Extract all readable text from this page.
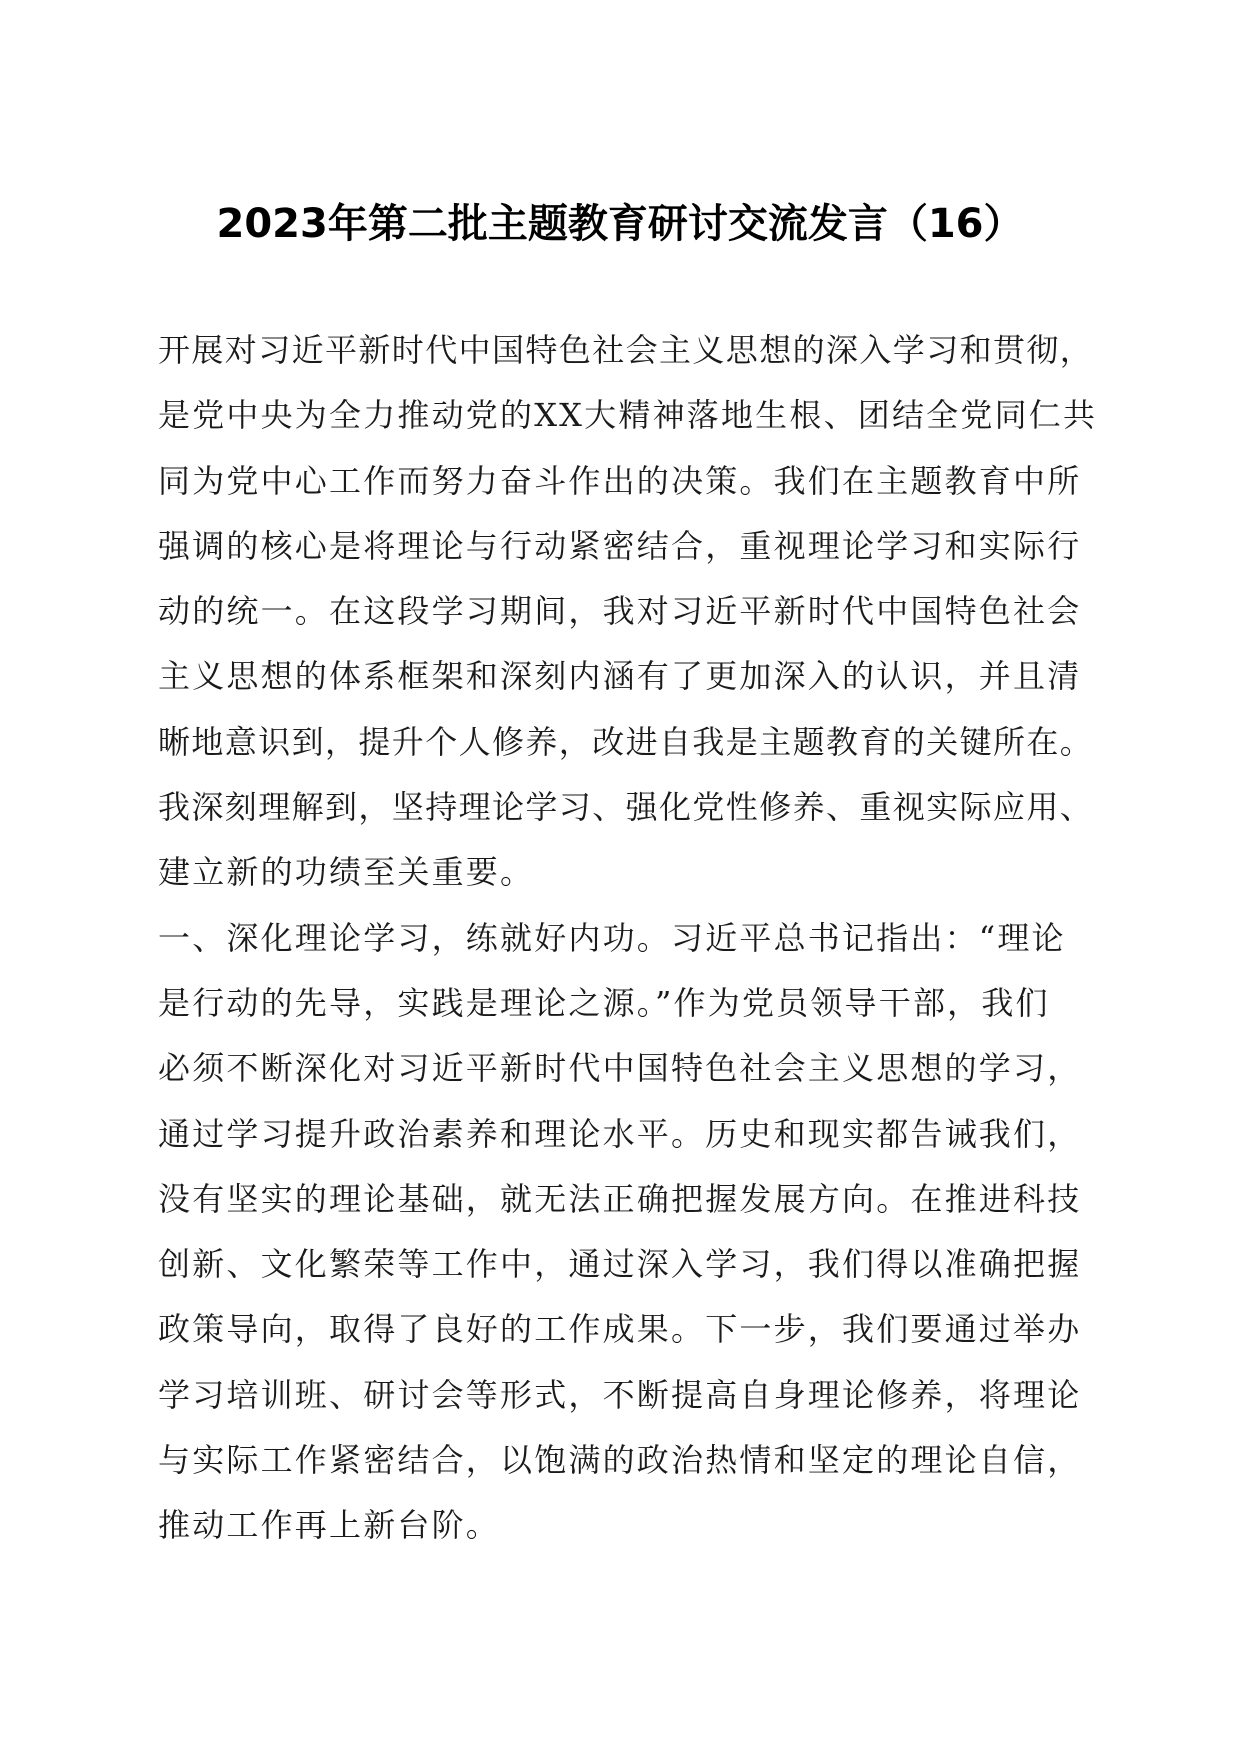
2023年第二批主题教育研讨交流发言（16）
开展对习近平新时代中国特色社会主义思想的深入学习和贯彻，
是党中央为全力推动党的XX大精神落地生根、团结全党同仁共
同为党中心工作而努力奋斗作出的决策。我们在主题教育中所
强调的核心是将理论与行动紧密结合，重视理论学习和实际行
动的统一。在这段学习期间，我对习近平新时代中国特色社会
主义思想的体系框架和深刻内涵有了更加深入的认识，并且清
晰地意识到，提升个人修养，改进自我是主题教育的关键所在。
我深刻理解到，坚持理论学习、强化党性修养、重视实际应用、
建立新的功绩至关重要。
一、深化理论学习，练就好内功。习近平总书记指出：“理论
是行动的先导，实践是理论之源。”作为党员领导干部，我们
必须不断深化对习近平新时代中国特色社会主义思想的学习，
通过学习提升政治素养和理论水平。历史和现实都告诫我们，
没有坚实的理论基础，就无法正确把握发展方向。在推进科技
创新、文化繁荣等工作中，通过深入学习，我们得以准确把握
政策导向，取得了良好的工作成果。下一步，我们要通过举办
学习培训班、研讨会等形式，不断提高自身理论修养，将理论
与实际工作紧密结合，以饱满的政治热情和坚定的理论自信，
推动工作再上新台阶。
